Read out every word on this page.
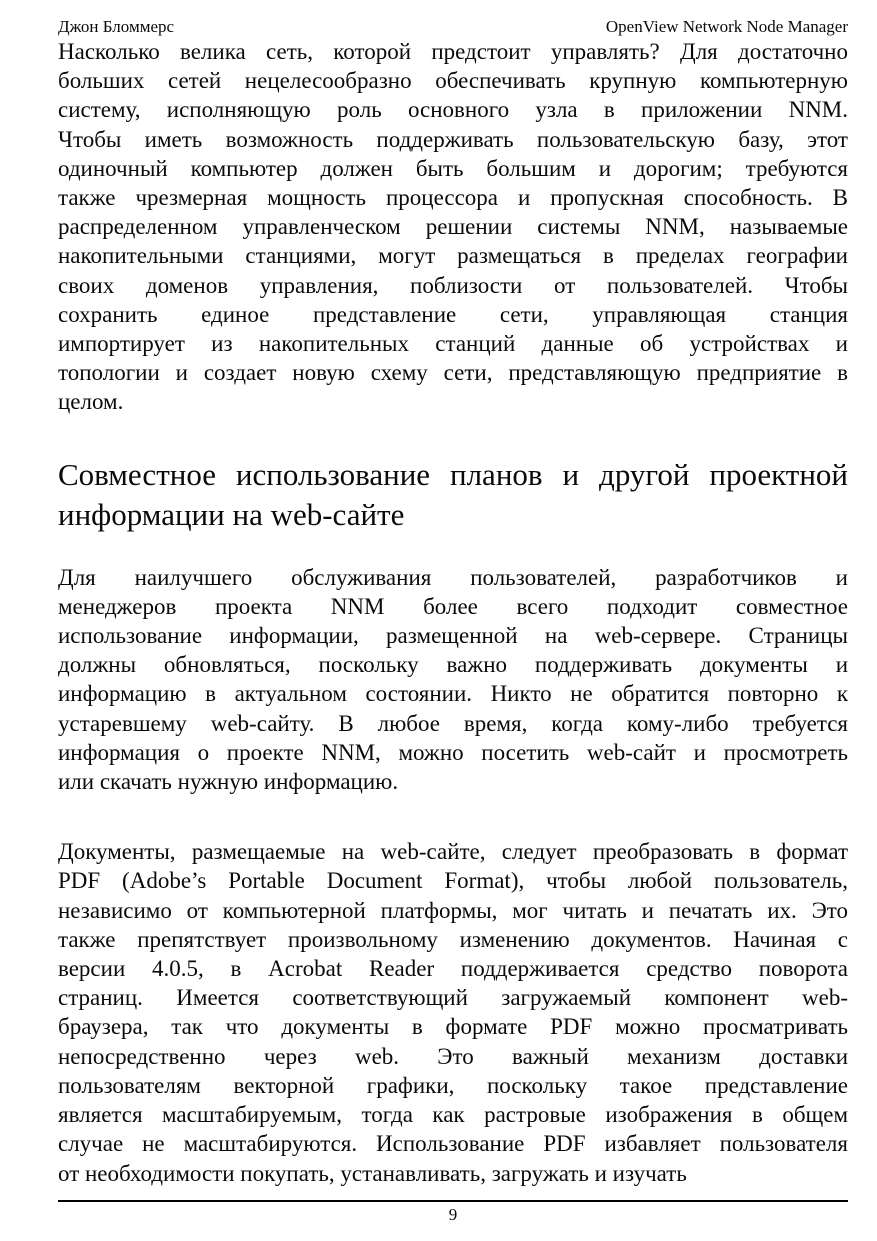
Джон Бломмерс	OpenView Network Node Manager
Насколько велика сеть, которой предстоит управлять? Для достаточно
больших сетей нецелесообразно обеспечивать крупную компьютерную
систему, исполняющую роль основного узла в приложении NNM.
Чтобы иметь возможность поддерживать пользовательскую базу, этот
одиночный компьютер должен быть большим и дорогим; требуются
также чрезмерная мощность процессора и пропускная способность. В
распределенном управленческом решении системы NNM, называемые
накопительными станциями, могут размещаться в пределах географии
своих доменов управления, поблизости от пользователей. Чтобы
сохранить единое представление сети, управляющая станция
импортирует из накопительных станций данные об устройствах и
топологии и создает новую схему сети, представляющую предприятие в
целом.
Совместное использование планов и другой проектной
информации на web-сайте
Для наилучшего обслуживания пользователей, разработчиков и
менеджеров проекта NNM более всего подходит совместное
использование информации, размещенной на web-сервере. Страницы
должны обновляться, поскольку важно поддерживать документы и
информацию в актуальном состоянии. Никто не обратится повторно к
устаревшему web-сайту. В любое время, когда кому-либо требуется
информация о проекте NNM, можно посетить web-сайт и просмотреть
или скачать нужную информацию.
Документы, размещаемые на web-сайте, следует преобразовать в формат
PDF (Adobe’s Portable Document Format), чтобы любой пользователь,
независимо от компьютерной платформы, мог читать и печатать их. Это
также препятствует произвольному изменению документов. Начиная с
версии 4.0.5, в Acrobat Reader поддерживается средство поворота
страниц. Имеется соответствующий загружаемый компонент web-
браузера, так что документы в формате PDF можно просматривать
непосредственно через web. Это важный механизм доставки
пользователям векторной графики, поскольку такое представление
является масштабируемым, тогда как растровые изображения в общем
случае не масштабируются. Использование PDF избавляет пользователя
от необходимости покупать, устанавливать, загружать и изучать
9
